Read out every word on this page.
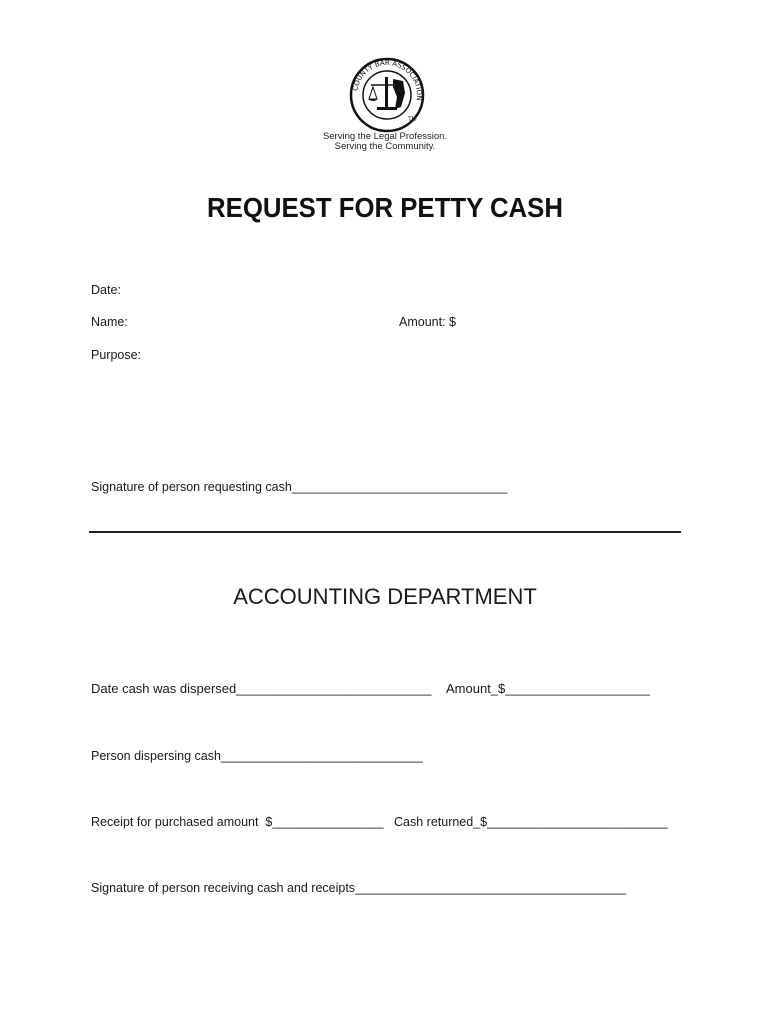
COUNTY BAR ASSOCIATION
TM
Serving the Legal Profession.
Serving the Community.
REQUEST FOR PETTY CASH
Date:
Name:	Amount: $
Purpose:
Signature of person requesting cash_______________________________
ACCOUNTING DEPARTMENT
Date cash was dispersed___________________________ Amount_$____________________
Person dispersing cash_____________________________
Receipt for purchased amount  $________________ Cash returned_$__________________________
Signature of person receiving cash and receipts_______________________________________
